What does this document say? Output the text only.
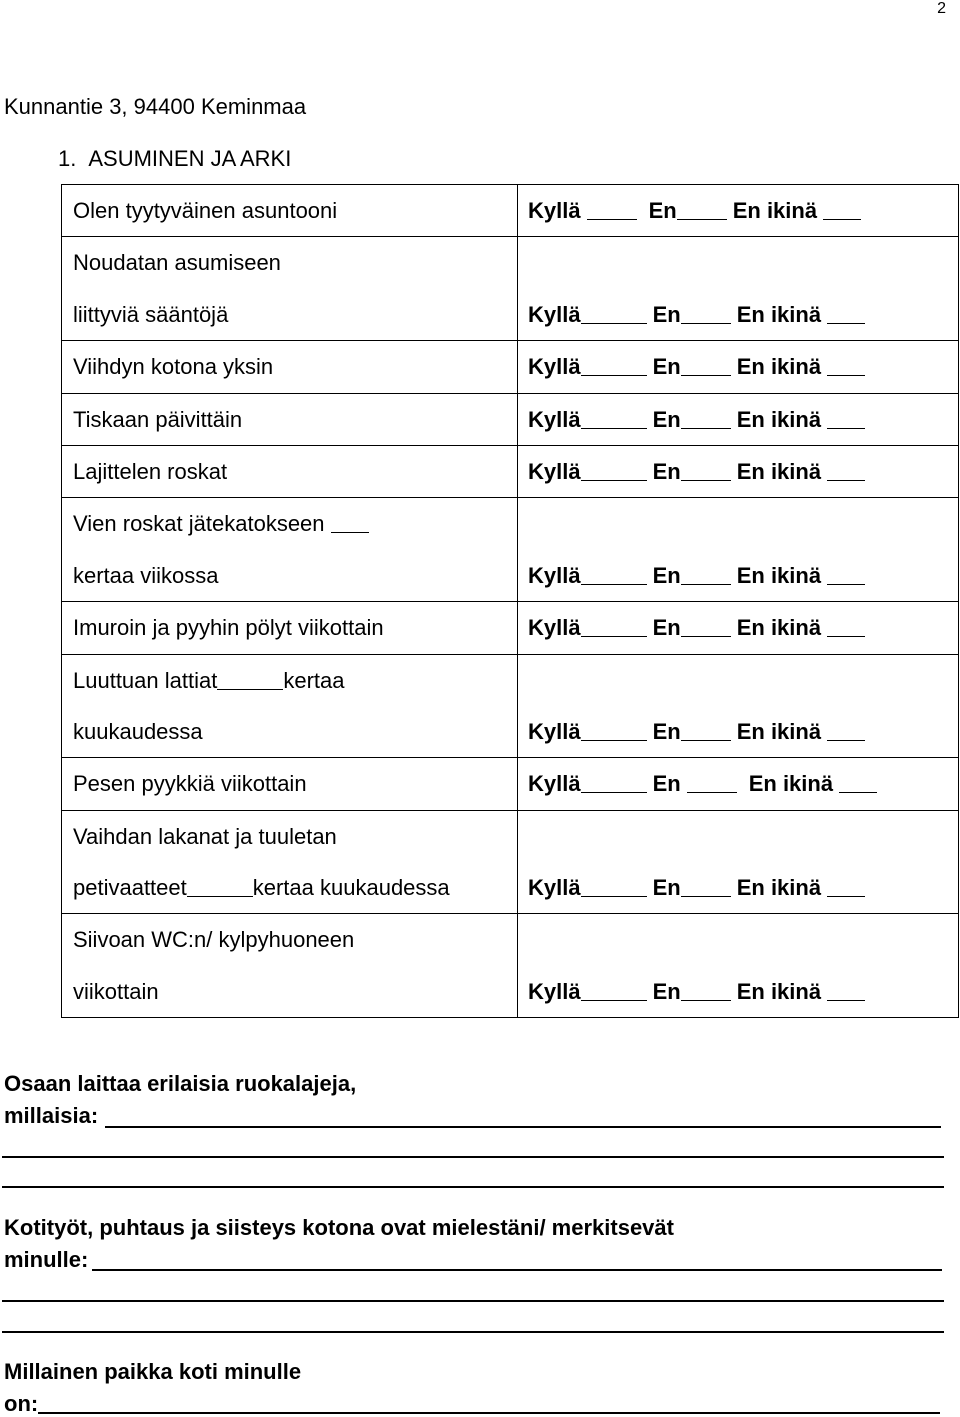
2
Kunnantie 3, 94400 Keminmaa
1. ASUMINEN JA ARKI
Olen tyytyväinen asuntooni	Kyllä En En ikinä

Noudatan asumiseen
liittyviä sääntöjä	Kyllä En En ikinä

Viihdyn kotona yksin	Kyllä En En ikinä

Tiskaan päivittäin	Kyllä En En ikinä

Lajittelen roskat	Kyllä En En ikinä

Vien roskat jätekatokseen
kertaa viikossa	Kyllä En En ikinä

Imuroin ja pyyhin pölyt viikottain	Kyllä En En ikinä

Luuttuan lattiat kertaa
kuukaudessa	Kyllä En En ikinä

Pesen pyykkiä viikottain	Kyllä En En ikinä

Vaihdan lakanat ja tuuletan
petivaatteet kertaa kuukaudessa	Kyllä En En ikinä

Siivoan WC:n/ kylpyhuoneen
viikottain	Kyllä En En ikinä
Osaan laittaa erilaisia ruokalajeja,
millaisia:
Kotityöt, puhtaus ja siisteys kotona ovat mielestäni/ merkitsevät
minulle:
Millainen paikka koti minulle
on:
